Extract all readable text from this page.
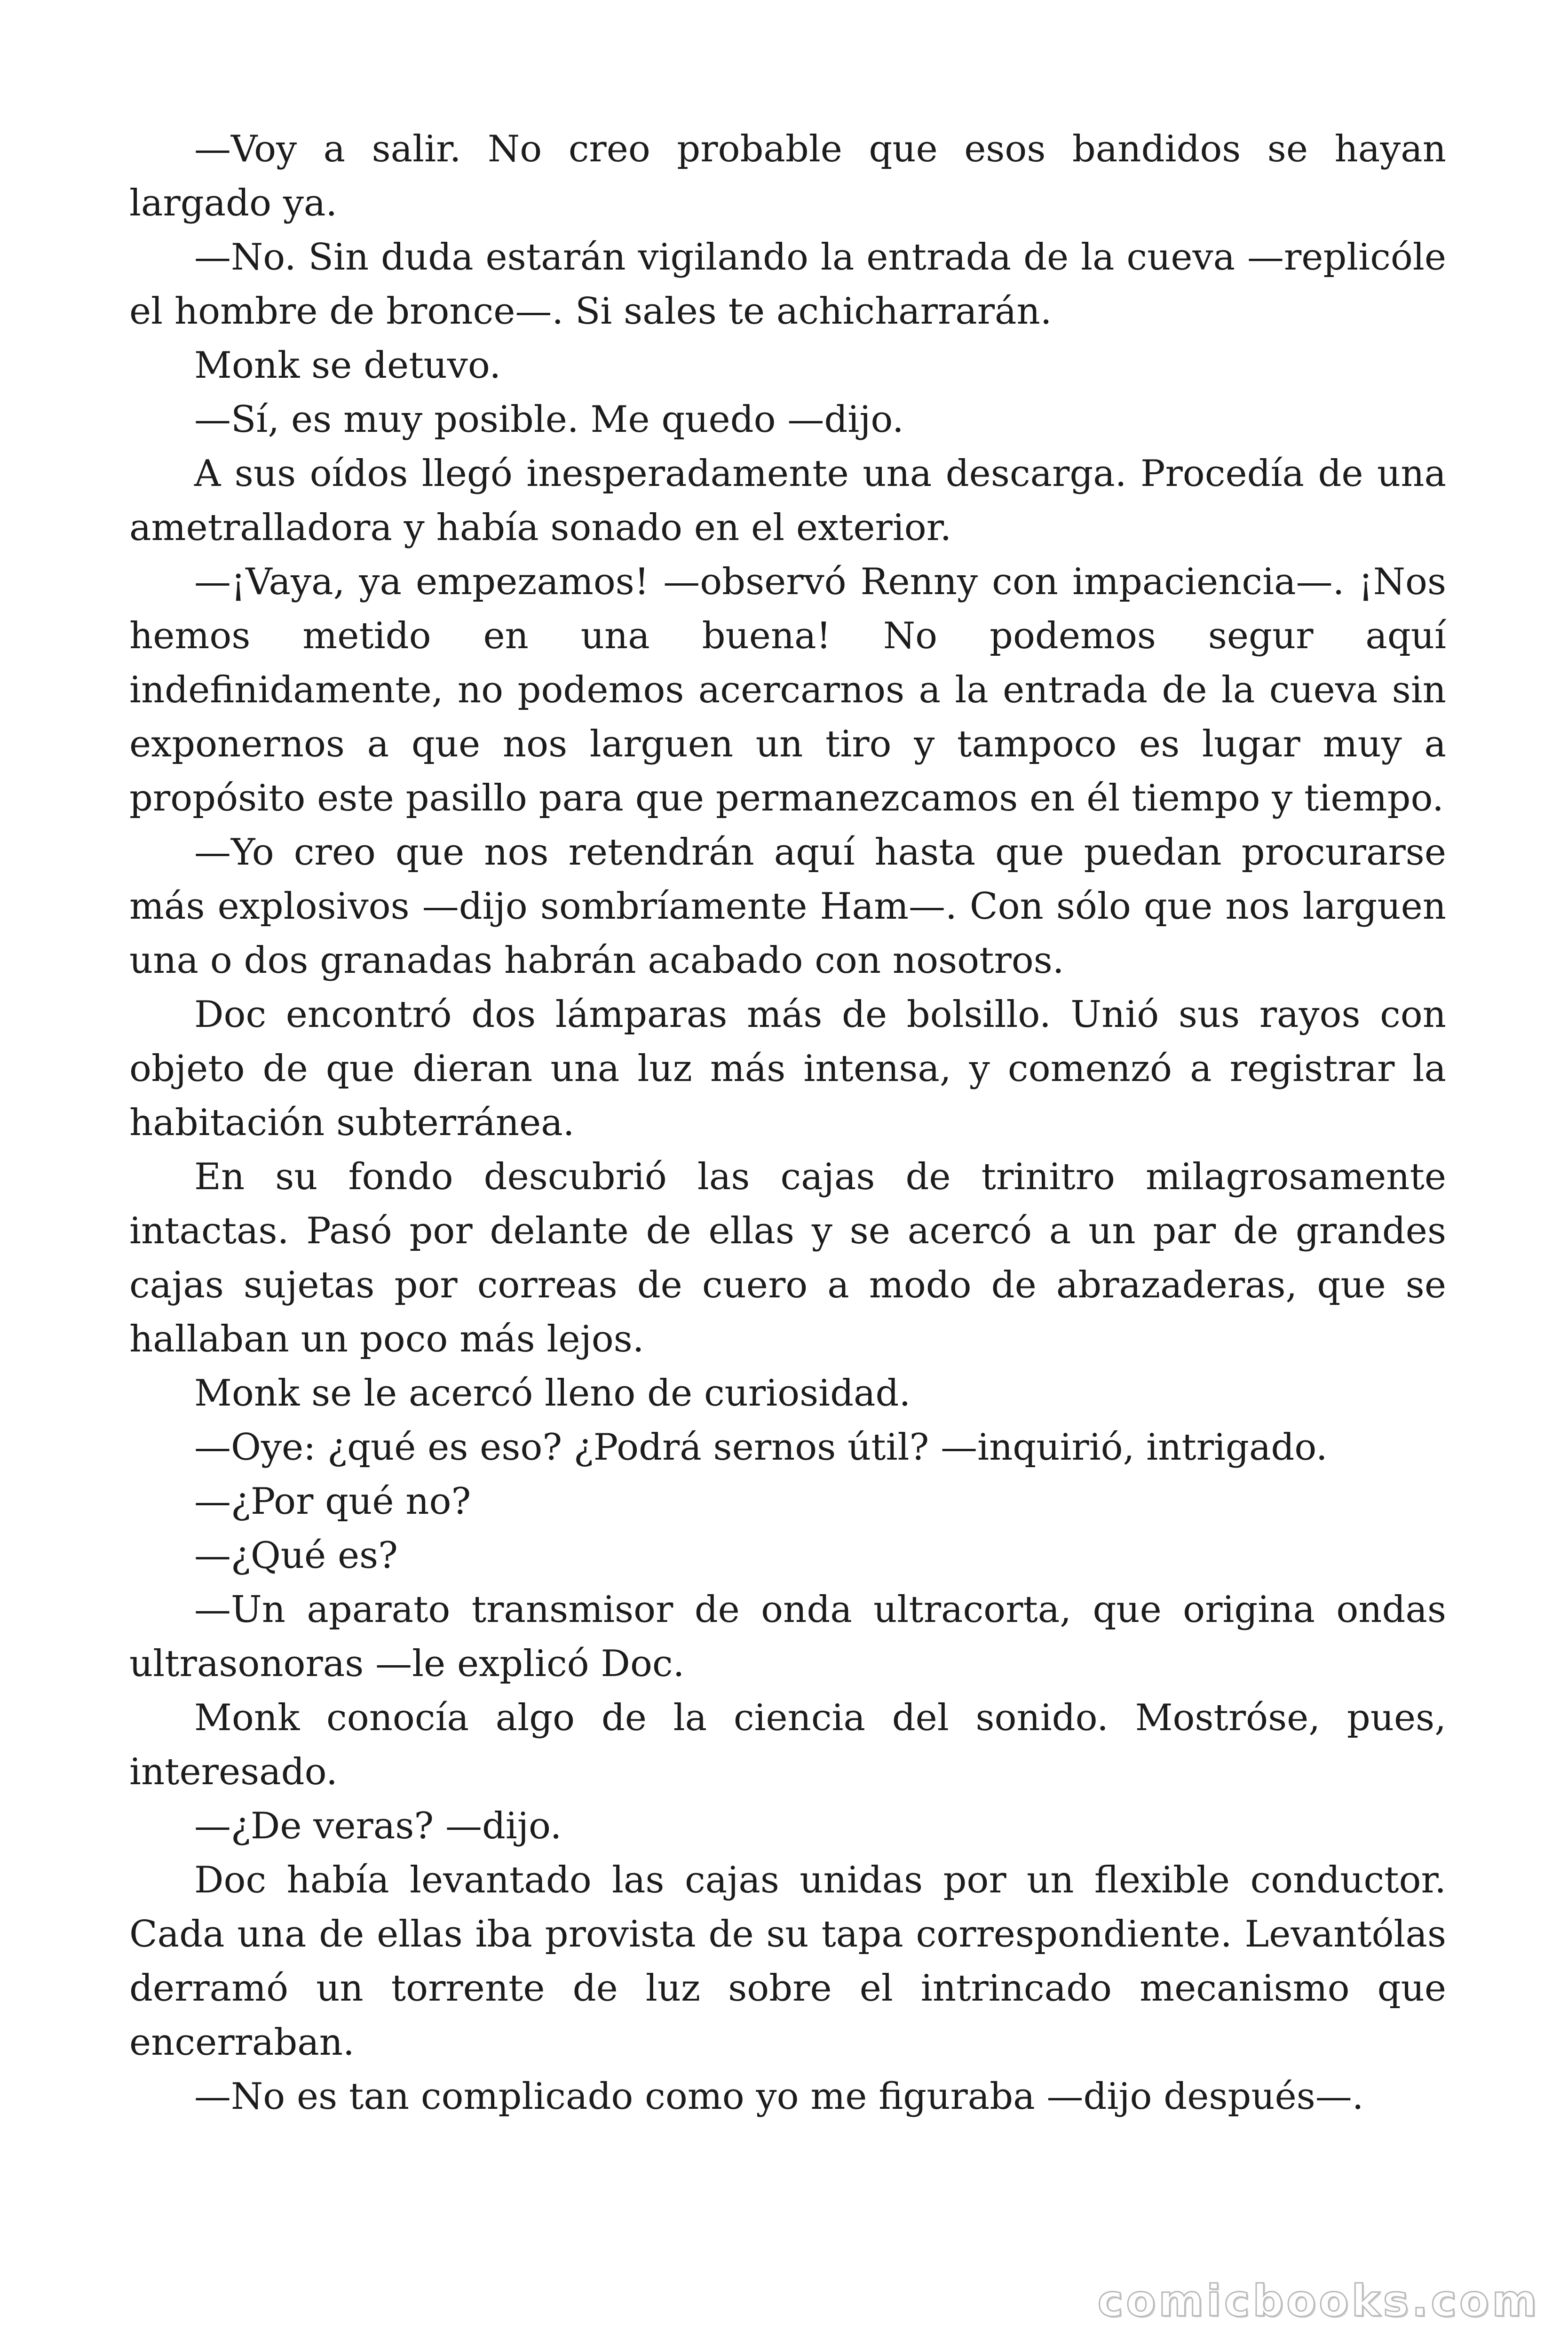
—Voy a salir. No creo probable que esos bandidos se hayan largado ya.

—No. Sin duda estarán vigilando la entrada de la cueva —replicóle el hombre de bronce—. Si sales te achicharrarán.

Monk se detuvo.

—Sí, es muy posible. Me quedo —dijo.

A sus oídos llegó inesperadamente una descarga. Procedía de una ametralladora y había sonado en el exterior.

—¡Vaya, ya empezamos! —observó Renny con impaciencia—. ¡Nos hemos metido en una buena! No podemos segur aquí indefinidamente, no podemos acercarnos a la entrada de la cueva sin exponernos a que nos larguen un tiro y tampoco es lugar muy a propósito este pasillo para que permanezcamos en él tiempo y tiempo.

—Yo creo que nos retendrán aquí hasta que puedan procurarse más explosivos —dijo sombríamente Ham—. Con sólo que nos larguen una o dos granadas habrán acabado con nosotros.

Doc encontró dos lámparas más de bolsillo. Unió sus rayos con objeto de que dieran una luz más intensa, y comenzó a registrar la habitación subterránea.

En su fondo descubrió las cajas de trinitro milagrosamente intactas. Pasó por delante de ellas y se acercó a un par de grandes cajas sujetas por correas de cuero a modo de abrazaderas, que se hallaban un poco más lejos.

Monk se le acercó lleno de curiosidad.

—Oye: ¿qué es eso? ¿Podrá sernos útil? —inquirió, intrigado.

—¿Por qué no?

—¿Qué es?

—Un aparato transmisor de onda ultracorta, que origina ondas ultrasonoras —le explicó Doc.

Monk conocía algo de la ciencia del sonido. Mostróse, pues, interesado.

—¿De veras? —dijo.

Doc había levantado las cajas unidas por un flexible conductor. Cada una de ellas iba provista de su tapa correspondiente. Levantólas derramó un torrente de luz sobre el intrincado mecanismo que encerraban.

—No es tan complicado como yo me figuraba —dijo después—.

comicbooks.com
